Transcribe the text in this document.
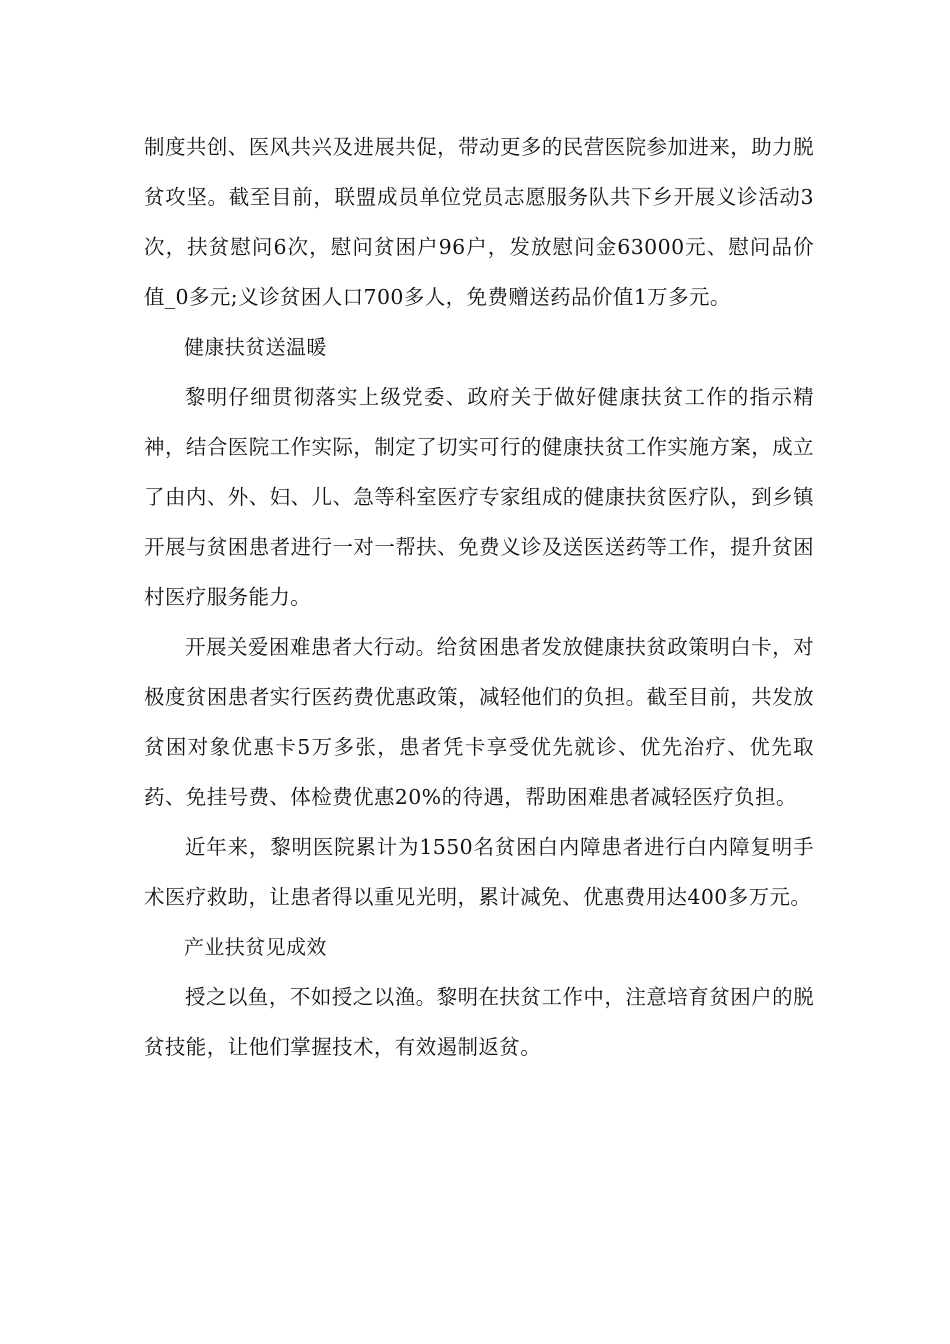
制度共创、医风共兴及进展共促，带动更多的民营医院参加进来，助力脱贫攻坚。截至目前，联盟成员单位党员志愿服务队共下乡开展义诊活动3次，扶贫慰问6次，慰问贫困户96户，发放慰问金63000元、慰问品价值_0多元;义诊贫困人口700多人，免费赠送药品价值1万多元。

健康扶贫送温暖

黎明仔细贯彻落实上级党委、政府关于做好健康扶贫工作的指示精神，结合医院工作实际，制定了切实可行的健康扶贫工作实施方案，成立了由内、外、妇、儿、急等科室医疗专家组成的健康扶贫医疗队，到乡镇开展与贫困患者进行一对一帮扶、免费义诊及送医送药等工作，提升贫困村医疗服务能力。

开展关爱困难患者大行动。给贫困患者发放健康扶贫政策明白卡，对极度贫困患者实行医药费优惠政策，减轻他们的负担。截至目前，共发放贫困对象优惠卡5万多张，患者凭卡享受优先就诊、优先治疗、优先取药、免挂号费、体检费优惠20%的待遇，帮助困难患者减轻医疗负担。

近年来，黎明医院累计为1550名贫困白内障患者进行白内障复明手术医疗救助，让患者得以重见光明，累计减免、优惠费用达400多万元。

产业扶贫见成效

授之以鱼，不如授之以渔。黎明在扶贫工作中，注意培育贫困户的脱贫技能，让他们掌握技术，有效遏制返贫。
